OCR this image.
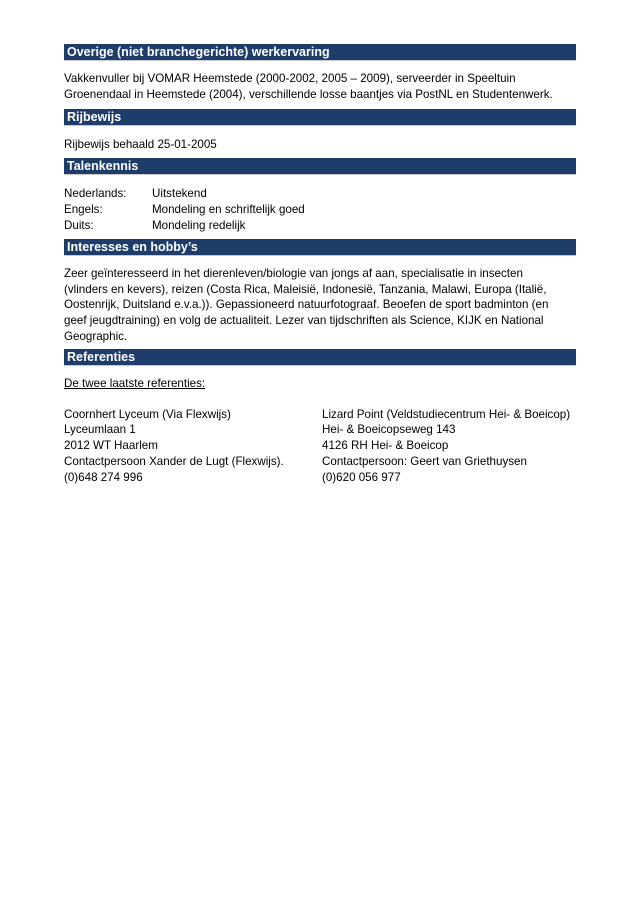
Overige (niet branchegerichte) werkervaring
Vakkenvuller bij VOMAR Heemstede (2000-2002, 2005 – 2009), serveerder in Speeltuin
Groenendaal in Heemstede (2004), verschillende losse baantjes via PostNL en Studentenwerk.
Rijbewijs
Rijbewijs behaald 25-01-2005
Talenkennis
Nederlands:	Uitstekend
Engels:	Mondeling en schriftelijk goed
Duits:	Mondeling redelijk
Interesses en hobby’s
Zeer geïnteresseerd in het dierenleven/biologie van jongs af aan, specialisatie in insecten
(vlinders en kevers), reizen (Costa Rica, Maleisië, Indonesië, Tanzania, Malawi, Europa (Italië,
Oostenrijk, Duitsland e.v.a.)). Gepassioneerd natuurfotograaf. Beoefen de sport badminton (en
geef jeugdtraining) en volg de actualiteit. Lezer van tijdschriften als Science, KIJK en National
Geographic.
Referenties
De twee laatste referenties:
Coornhert Lyceum (Via Flexwijs)	Lizard Point (Veldstudiecentrum Hei- & Boeicop)
Lyceumlaan 1	Hei- & Boeicopseweg 143
2012 WT Haarlem	4126 RH Hei- & Boeicop
Contactpersoon Xander de Lugt (Flexwijs).	Contactpersoon: Geert van Griethuysen
(0)648 274 996	(0)620 056 977
